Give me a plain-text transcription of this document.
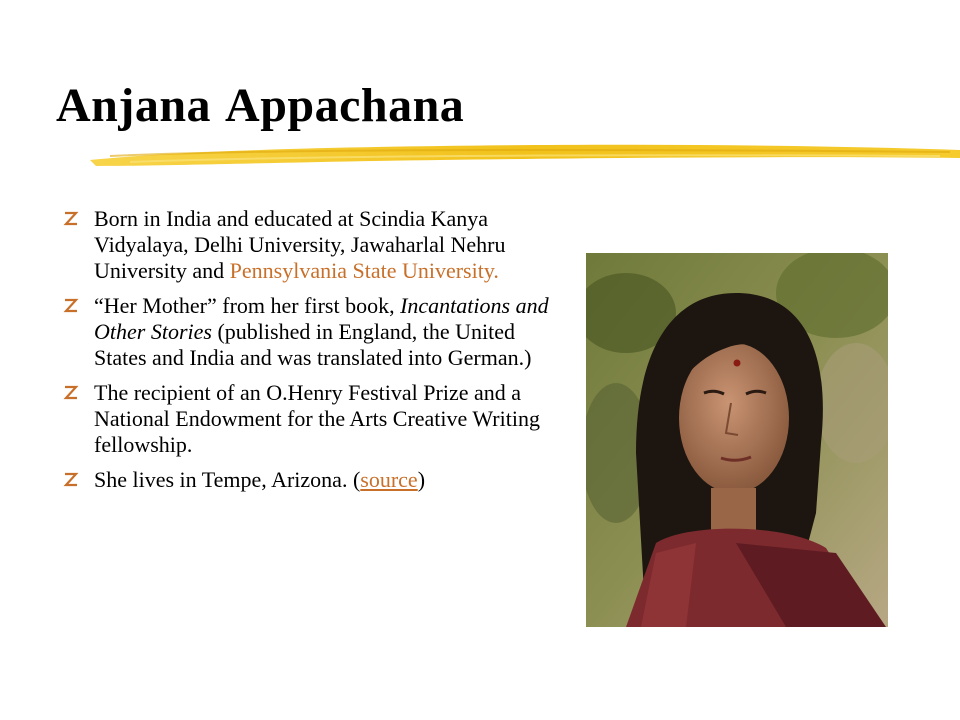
Anjana Appachana
Born in India and educated at Scindia Kanya Vidyalaya, Delhi University, Jawaharlal Nehru University and Pennsylvania State University.
“Her Mother” from her first book, Incantations and Other Stories (published in England, the United States and India and was translated into German.)
The recipient of an O.Henry Festival Prize and a National Endowment for the Arts Creative Writing fellowship.
She lives in Tempe, Arizona. (source)
